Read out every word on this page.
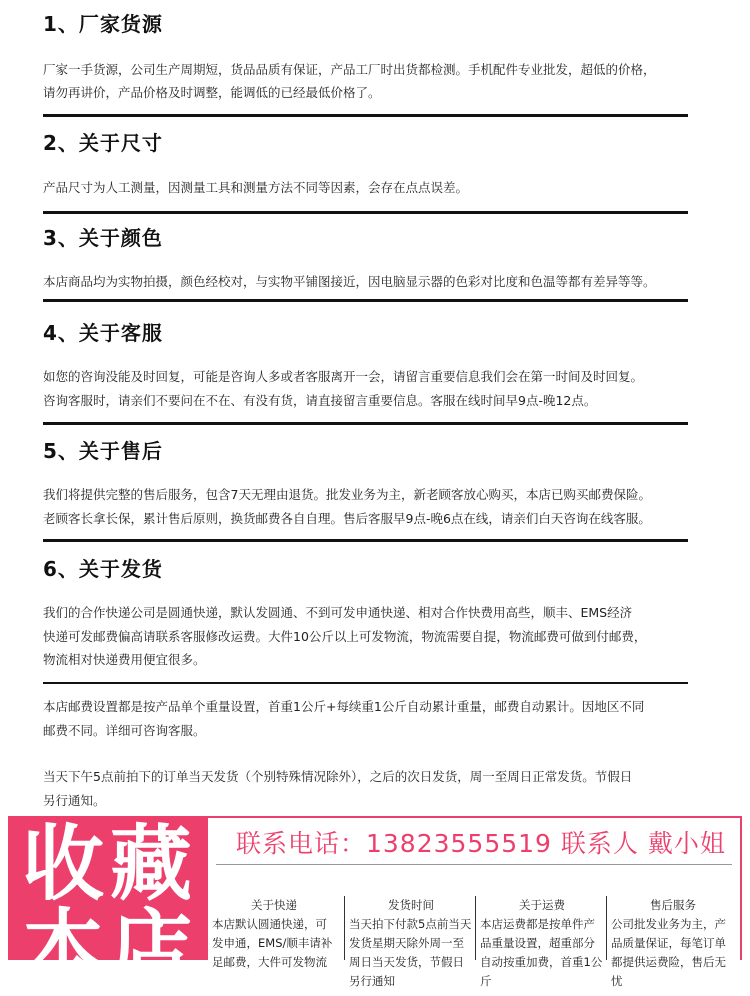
1、厂家货源
厂家一手货源，公司生产周期短，货品品质有保证，产品工厂时出货都检测。手机配件专业批发，超低的价格，
请勿再讲价，产品价格及时调整，能调低的已经最低价格了。
2、关于尺寸
产品尺寸为人工测量，因测量工具和测量方法不同等因素，会存在点点误差。
3、关于颜色
本店商品均为实物拍摄，颜色经校对，与实物平铺图接近，因电脑显示器的色彩对比度和色温等都有差异等等。
4、关于客服
如您的咨询没能及时回复，可能是咨询人多或者客服离开一会，请留言重要信息我们会在第一时间及时回复。
咨询客服时，请亲们不要问在不在、有没有货，请直接留言重要信息。客服在线时间早9点-晚12点。
5、关于售后
我们将提供完整的售后服务，包含7天无理由退货。批发业务为主，新老顾客放心购买，本店已购买邮费保险。
老顾客长拿长保，累计售后原则，换货邮费各自自理。售后客服早9点-晚6点在线，请亲们白天咨询在线客服。
6、关于发货
我们的合作快递公司是圆通快递，默认发圆通、不到可发申通快递、相对合作快费用高些，顺丰、EMS经济
快递可发邮费偏高请联系客服修改运费。大件10公斤以上可发物流，物流需要自提，物流邮费可做到付邮费，
物流相对快递费用便宜很多。
本店邮费设置都是按产品单个重量设置，首重1公斤+每续重1公斤自动累计重量，邮费自动累计。因地区不同
邮费不同。详细可咨询客服。
当天下午5点前拍下的订单当天发货（个别特殊情况除外），之后的次日发货，周一至周日正常发货。节假日
另行通知。
收 藏
本 店
联系电话：13823555519 联系人 戴小姐
关于快递
本店默认圆通快递，可发申通，EMS/顺丰请补足邮费，大件可发物流
发货时间
当天拍下付款5点前当天发货星期天除外周一至周日当天发货，节假日另行通知
关于运费
本店运费都是按单件产品重量设置，超重部分自动按重加费，首重1公斤
售后服务
公司批发业务为主，产品质量保证，每笔订单都提供运费险，售后无忧
